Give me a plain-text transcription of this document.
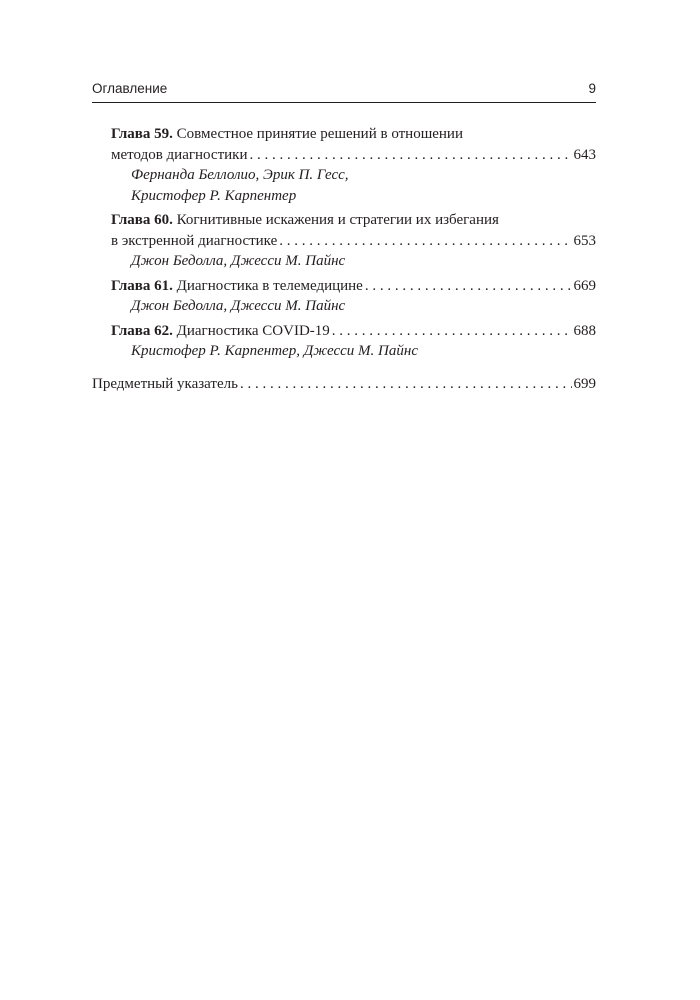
Оглавление	9
Глава 59. Совместное принятие решений в отношении
методов диагностики . . .	643
Фернанда Беллолио, Эрик П. Гесс,
Кристофер Р. Карпентер
Глава 60. Когнитивные искажения и стратегии их избегания
в экстренной диагностике . . .	653
Джон Бедолла, Джесси М. Пайнс
Глава 61. Диагностика в телемедицине . . .	669
Джон Бедолла, Джесси М. Пайнс
Глава 62. Диагностика COVID-19 . . .	688
Кристофер Р. Карпентер, Джесси М. Пайнс
Предметный указатель . . .	699
